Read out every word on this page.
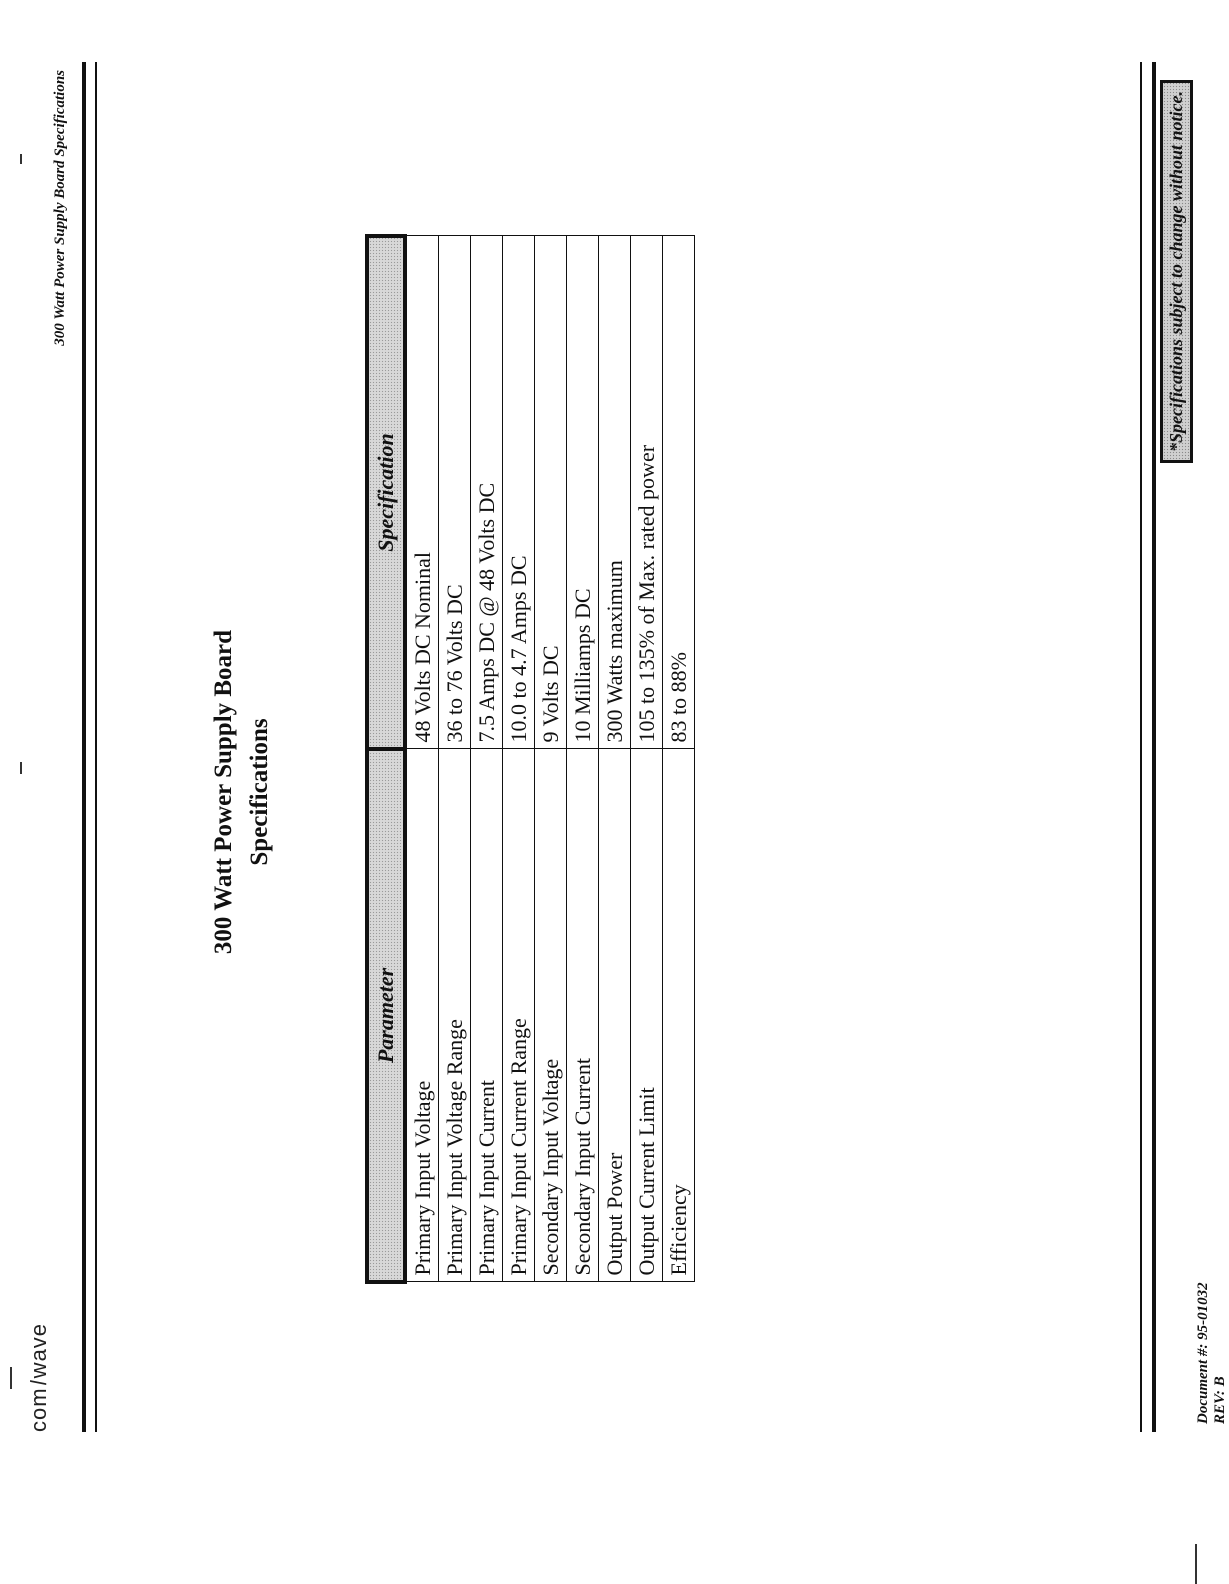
com\wave
300 Watt Power Supply Board Specifications
300 Watt Power Supply Board Specifications
Parameter	Specification
Primary Input Voltage	48 Volts DC Nominal
Primary Input Voltage Range	36 to 76 Volts DC
Primary Input Current	7.5 Amps DC @ 48 Volts DC
Primary Input Current Range	10.0 to 4.7 Amps DC
Secondary Input Voltage	9 Volts DC
Secondary Input Current	10 Milliamps DC
Output Power	300 Watts maximum
Output Current Limit	105 to 135% of Max. rated power
Efficiency	83 to 88%
Document #: 95-01032 REV: B
*Specifications subject to change without notice.
